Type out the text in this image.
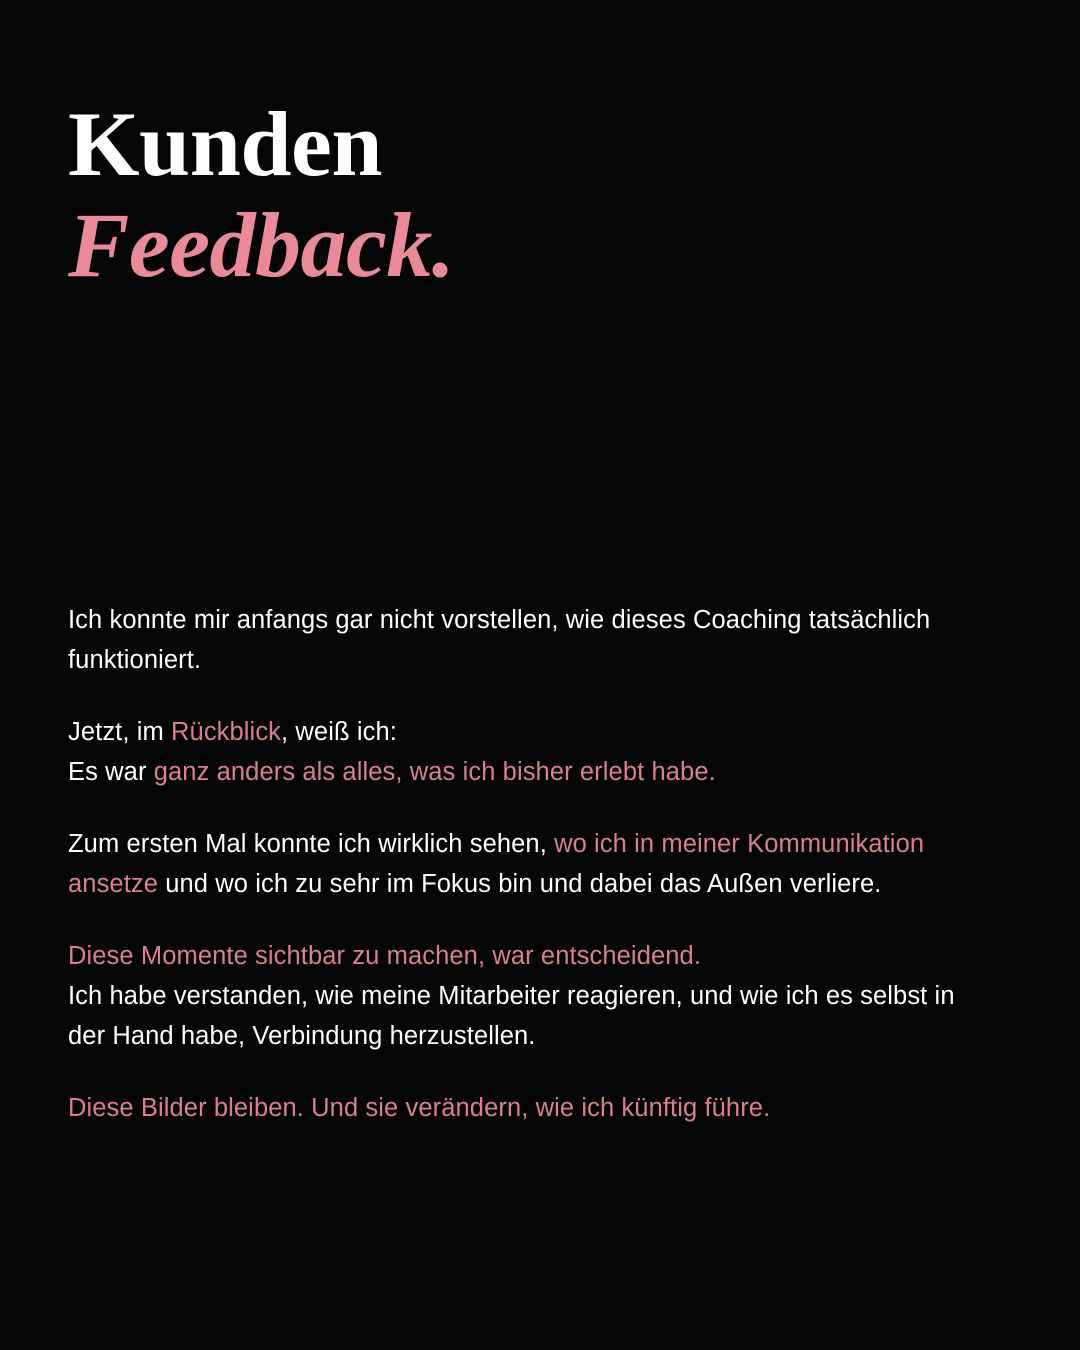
Kunden
Feedback.

Ich konnte mir anfangs gar nicht vorstellen, wie dieses Coaching tatsächlich funktioniert.

Jetzt, im Rückblick, weiß ich:
Es war ganz anders als alles, was ich bisher erlebt habe.

Zum ersten Mal konnte ich wirklich sehen, wo ich in meiner Kommunikation ansetze und wo ich zu sehr im Fokus bin und dabei das Außen verliere.

Diese Momente sichtbar zu machen, war entscheidend.
Ich habe verstanden, wie meine Mitarbeiter reagieren, und wie ich es selbst in der Hand habe, Verbindung herzustellen.

Diese Bilder bleiben. Und sie verändern, wie ich künftig führe.
